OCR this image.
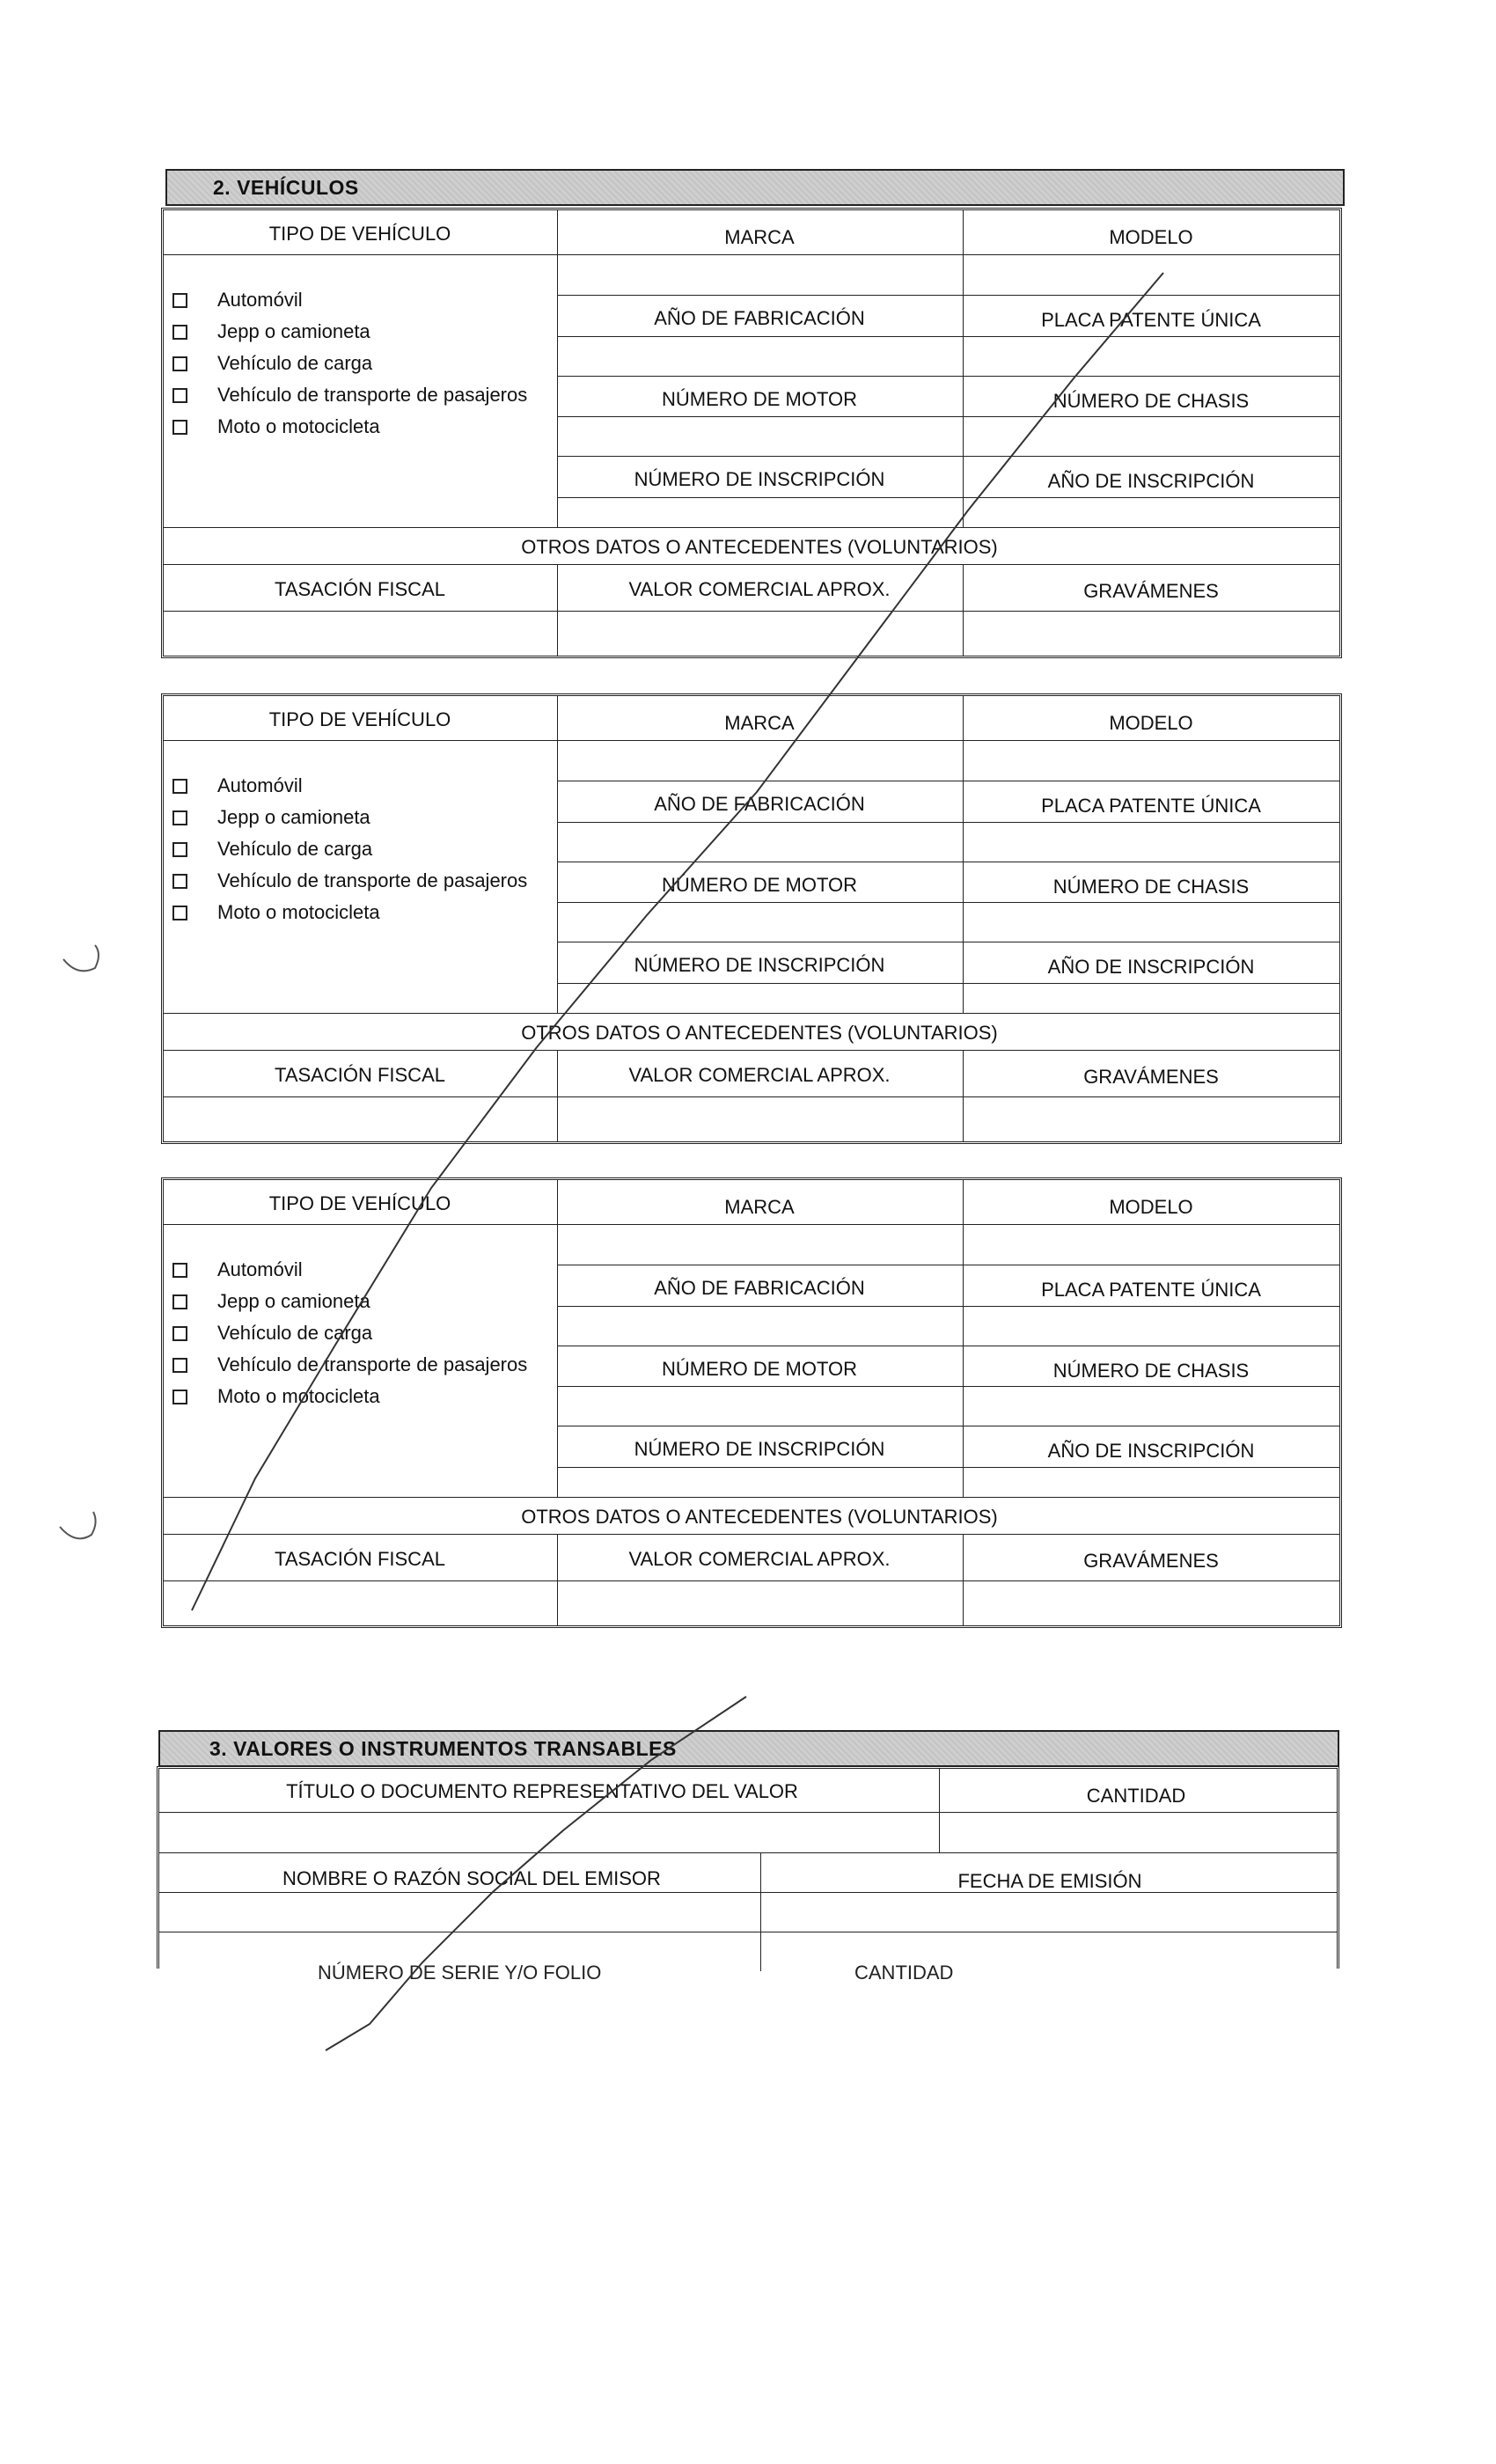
2. VEHÍCULOS
TIPO DE VEHÍCULO
Automóvil
Jepp o camioneta
Vehículo de carga
Vehículo de transporte de pasajeros
Moto o motocicleta
MARCA	MODELO
AÑO DE FABRICACIÓN	PLACA PATENTE ÚNICA
NÚMERO DE MOTOR	NÚMERO DE CHASIS
NÚMERO DE INSCRIPCIÓN	AÑO DE INSCRIPCIÓN
OTROS DATOS O ANTECEDENTES (VOLUNTARIOS)
TASACIÓN FISCAL	VALOR COMERCIAL APROX.	GRAVÁMENES
TIPO DE VEHÍCULO
Automóvil
Jepp o camioneta
Vehículo de carga
Vehículo de transporte de pasajeros
Moto o motocicleta
MARCA	MODELO
AÑO DE FABRICACIÓN	PLACA PATENTE ÚNICA
NÚMERO DE MOTOR	NÚMERO DE CHASIS
NÚMERO DE INSCRIPCIÓN	AÑO DE INSCRIPCIÓN
OTROS DATOS O ANTECEDENTES (VOLUNTARIOS)
TASACIÓN FISCAL	VALOR COMERCIAL APROX.	GRAVÁMENES
TIPO DE VEHÍCULO
Automóvil
Jepp o camioneta
Vehículo de carga
Vehículo de transporte de pasajeros
Moto o motocicleta
MARCA	MODELO
AÑO DE FABRICACIÓN	PLACA PATENTE ÚNICA
NÚMERO DE MOTOR	NÚMERO DE CHASIS
NÚMERO DE INSCRIPCIÓN	AÑO DE INSCRIPCIÓN
OTROS DATOS O ANTECEDENTES (VOLUNTARIOS)
TASACIÓN FISCAL	VALOR COMERCIAL APROX.	GRAVÁMENES
3. VALORES O INSTRUMENTOS TRANSABLES
TÍTULO O DOCUMENTO REPRESENTATIVO DEL VALOR	CANTIDAD
NOMBRE O RAZÓN SOCIAL DEL EMISOR	FECHA DE EMISIÓN
NÚMERO DE SERIE Y/O FOLIO	CANTIDAD
